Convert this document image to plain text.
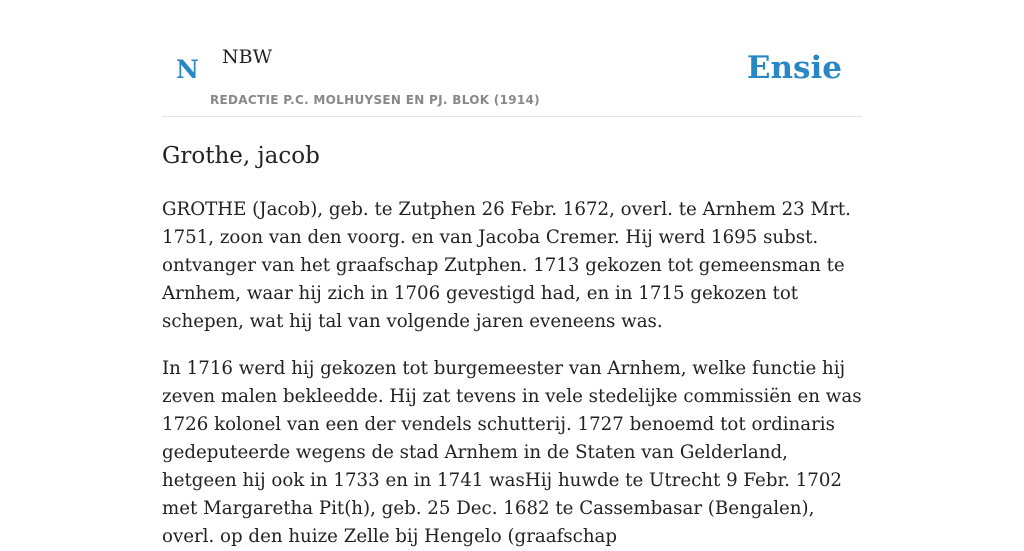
N NBW
REDACTIE P.C. MOLHUYSEN EN PJ. BLOK (1914)
Ensie
Grothe, jacob

GROTHE (Jacob), geb. te Zutphen 26 Febr. 1672, overl. te Arnhem 23 Mrt. 1751, zoon van den voorg. en van Jacoba Cremer. Hij werd 1695 subst. ontvanger van het graafschap Zutphen. 1713 gekozen tot gemeensman te Arnhem, waar hij zich in 1706 gevestigd had, en in 1715 gekozen tot schepen, wat hij tal van volgende jaren eveneens was.

In 1716 werd hij gekozen tot burgemeester van Arnhem, welke functie hij zeven malen bekleedde. Hij zat tevens in vele stedelijke commissiën en was 1726 kolonel van een der vendels schutterij. 1727 benoemd tot ordinaris gedeputeerde wegens de stad Arnhem in de Staten van Gelderland, hetgeen hij ook in 1733 en in 1741 wasHij huwde te Utrecht 9 Febr. 1702 met Margaretha Pit(h), geb. 25 Dec. 1682 te Cassembasar (Bengalen), overl. op den huize Zelle bij Hengelo (graafschap
